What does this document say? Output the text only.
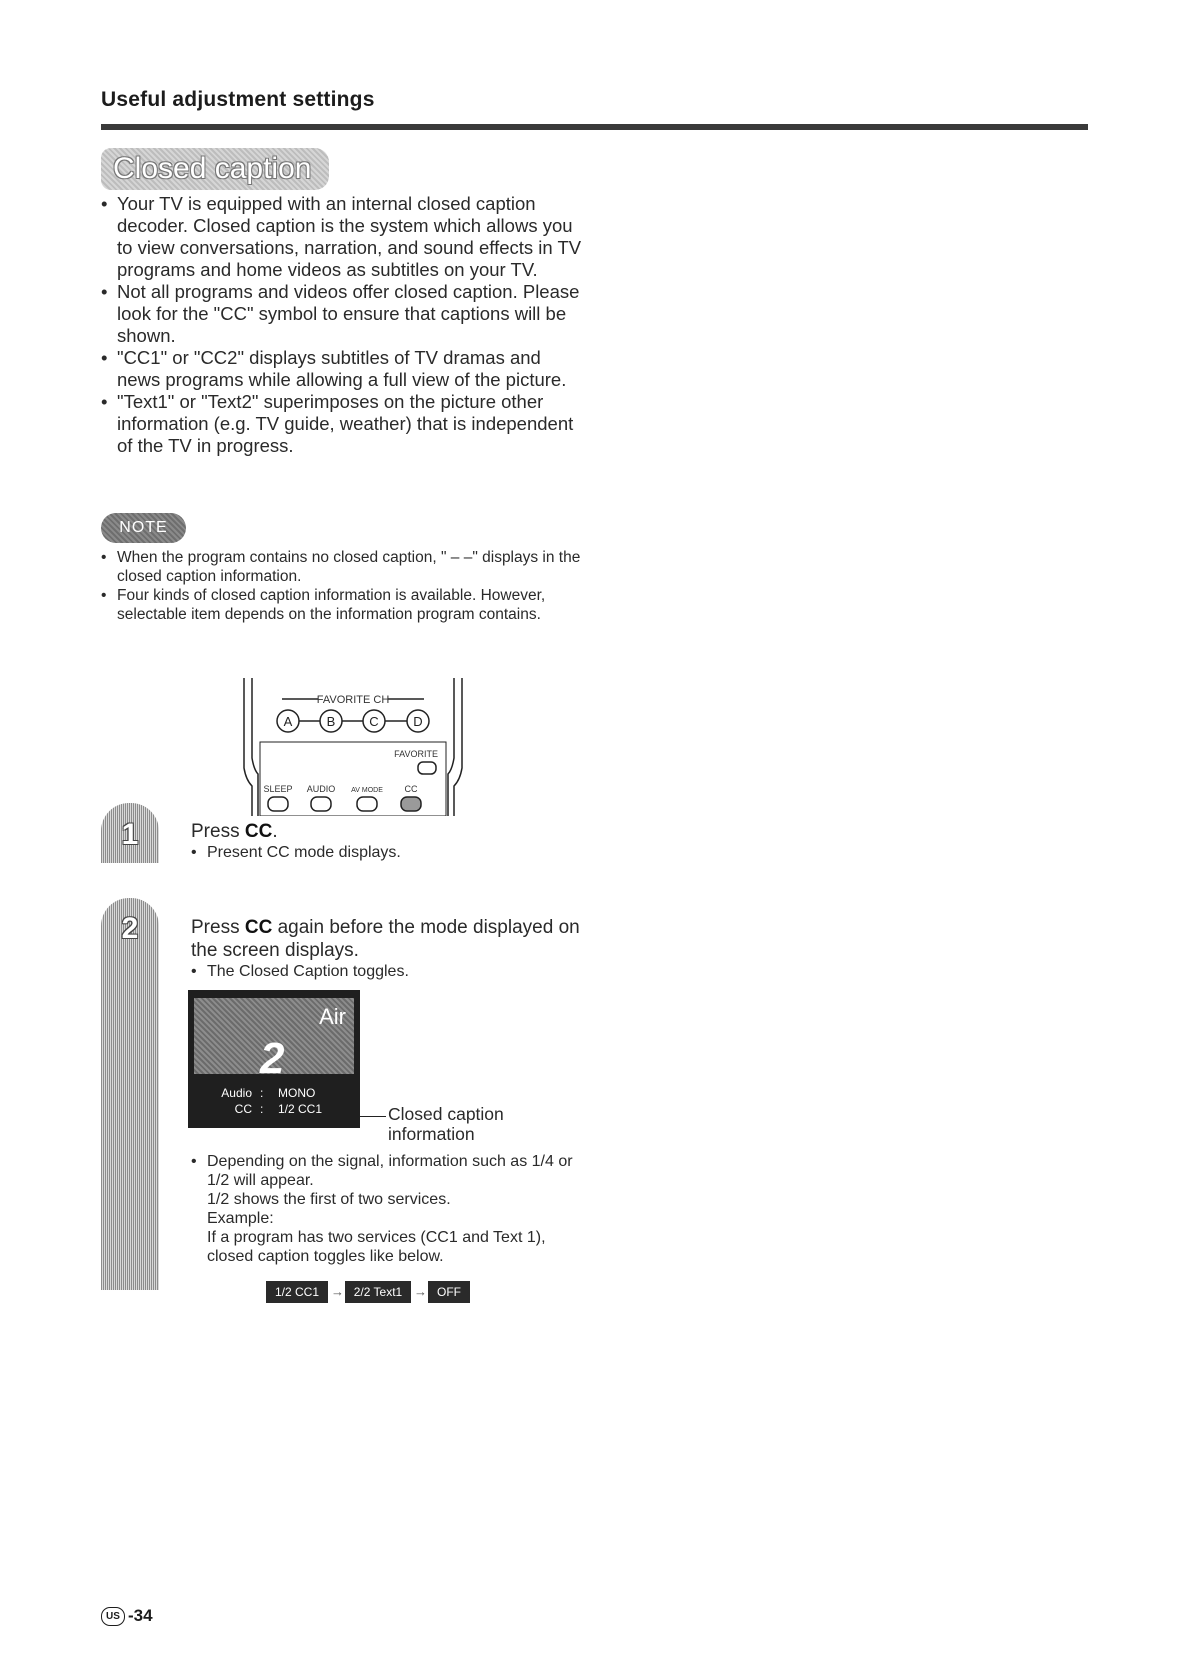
Useful adjustment settings
Closed caption
• Your TV is equipped with an internal closed caption decoder. Closed caption is the system which allows you to view conversations, narration, and sound effects in TV programs and home videos as subtitles on your TV.
• Not all programs and videos offer closed caption. Please look for the "CC" symbol to ensure that captions will be shown.
• "CC1" or "CC2" displays subtitles of TV dramas and news programs while allowing a full view of the picture.
• "Text1" or "Text2" superimposes on the picture other information (e.g. TV guide, weather) that is independent of the TV in progress.
NOTE
• When the program contains no closed caption, " – –" displays in the closed caption information.
• Four kinds of closed caption information is available. However, selectable item depends on the information program contains.
FAVORITE CH
A	B	C	D
FAVORITE
SLEEP AUDIO AV MODE CC
1	Press CC.
• Present CC mode displays.
2	Press CC again before the mode displayed on the screen displays.
• The Closed Caption toggles.
Air
2
Audio : MONO
CC : 1/2 CC1	Closed caption information
• Depending on the signal, information such as 1/4 or 1/2 will appear.
1/2 shows the first of two services.
Example:
If a program has two services (CC1 and Text 1), closed caption toggles like below.
1/2 CC1 → 2/2 Text1 → OFF
US -34
